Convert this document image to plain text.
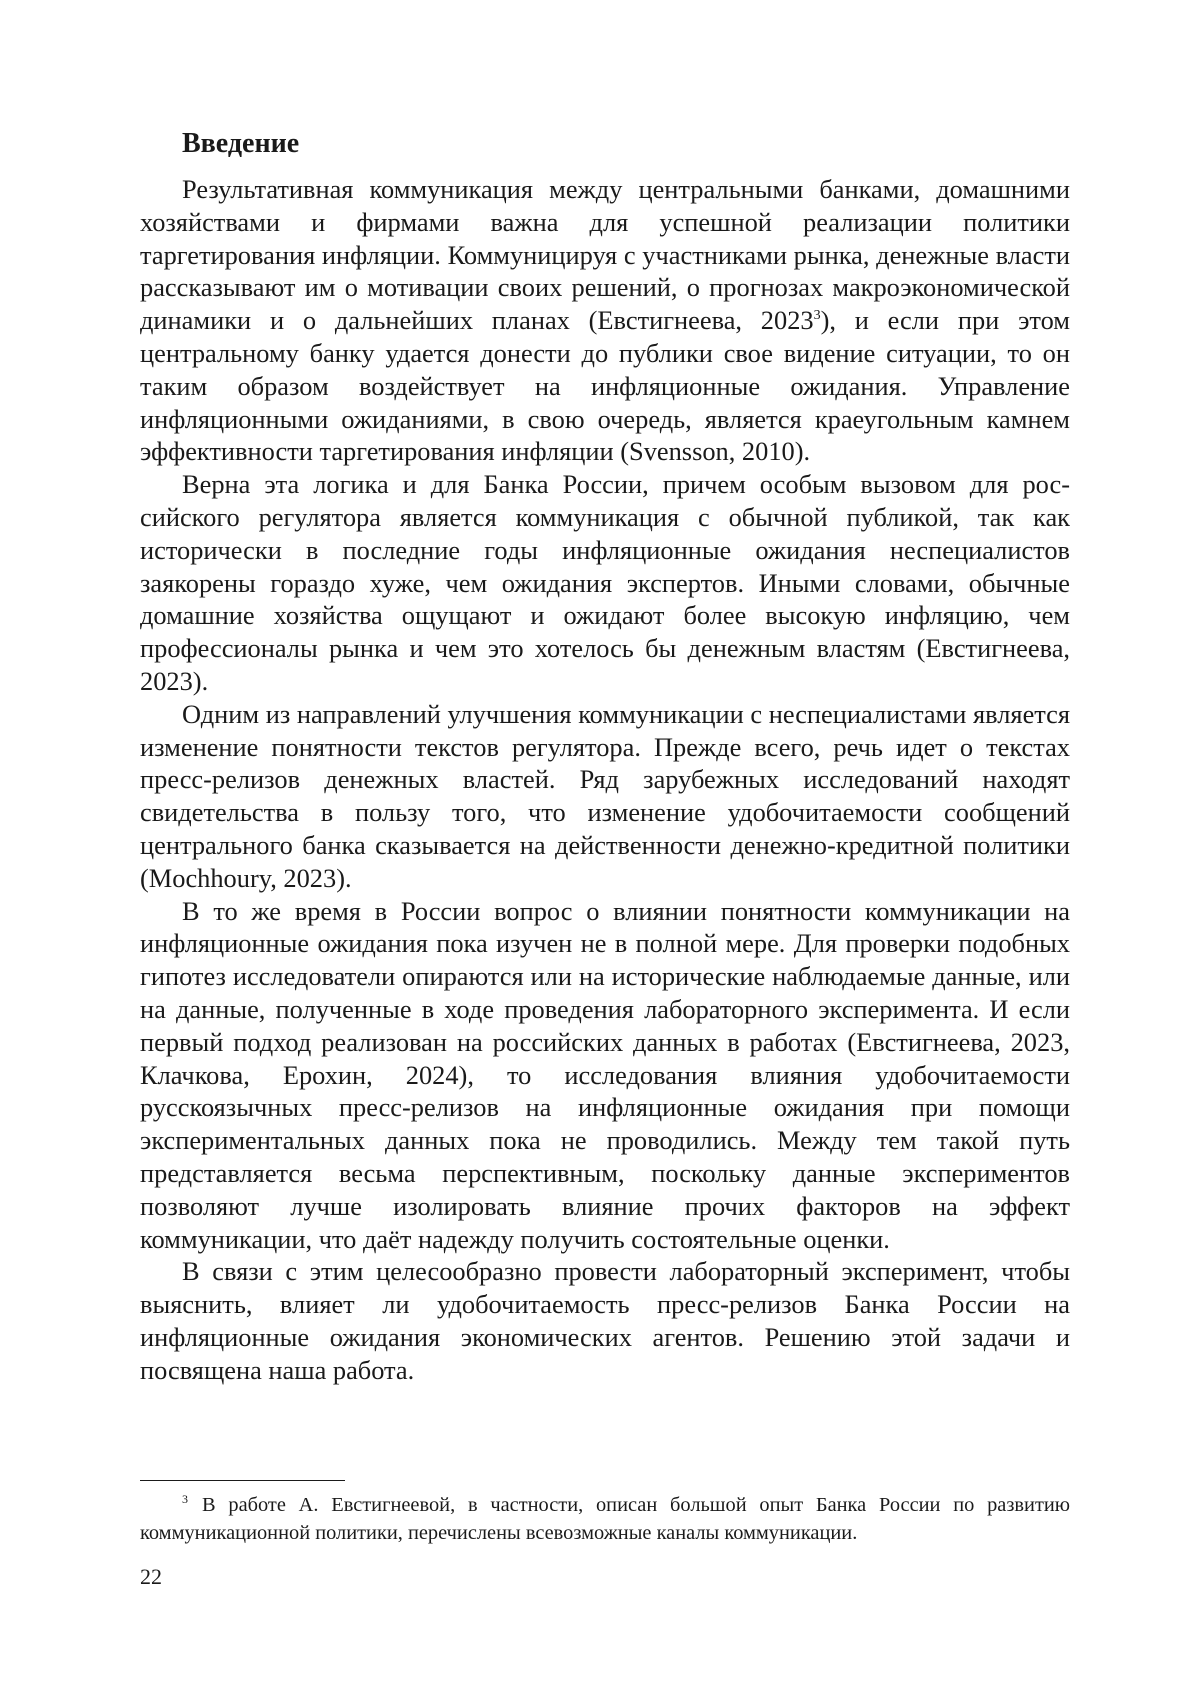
Введение

Результативная коммуникация между центральными банками, домашними хозяйствами и фирмами важна для успешной реализации политики таргетирования инфляции. Коммуницируя с участниками рынка, денежные власти рассказывают им о мотивации своих решений, о прогнозах макроэкономической динамики и о дальнейших планах (Евстигнеева, 2023$^3$), и если при этом центральному банку удается донести до публики свое видение ситуации, то он таким образом воздействует на инфляционные ожидания. Управление инфляционными ожиданиями, в свою очередь, является краеугольным камнем эффективности таргетирования инфляции (Svensson, 2010).

Верна эта логика и для Банка России, причем особым вызовом для российского регулятора является коммуникация с обычной публикой, так как исторически в последние годы инфляционные ожидания неспециалистов заякорены гораздо хуже, чем ожидания экспертов. Иными словами, обычные домашние хозяйства ощущают и ожидают более высокую инфляцию, чем профессионалы рынка и чем это хотелось бы денежным властям (Евстигнеева, 2023).

Одним из направлений улучшения коммуникации с неспециалистами является изменение понятности текстов регулятора. Прежде всего, речь идет о текстах пресс-релизов денежных властей. Ряд зарубежных исследований находят свидетельства в пользу того, что изменение удобочитаемости сообщений центрального банка сказывается на действенности денежно-кредитной политики (Mochhoury, 2023).

В то же время в России вопрос о влиянии понятности коммуникации на инфляционные ожидания пока изучен не в полной мере. Для проверки подобных гипотез исследователи опираются или на исторические наблюдаемые данные, или на данные, полученные в ходе проведения лабораторного эксперимента. И если первый подход реализован на российских данных в работах (Евстигнеева, 2023, Клачкова, Ерохин, 2024), то исследования влияния удобочитаемости русскоязычных пресс-релизов на инфляционные ожидания при помощи экспериментальных данных пока не проводились. Между тем такой путь представляется весьма перспективным, поскольку данные экспериментов позволяют лучше изолировать влияние прочих факторов на эффект коммуникации, что даёт надежду получить состоятельные оценки.

В связи с этим целесообразно провести лабораторный эксперимент, чтобы выяснить, влияет ли удобочитаемость пресс-релизов Банка России на инфляционные ожидания экономических агентов. Решению этой задачи и посвящена наша работа.

$^3$ В работе А. Евстигнеевой, в частности, описан большой опыт Банка России по развитию коммуникационной политики, перечислены всевозможные каналы коммуникации.

22
